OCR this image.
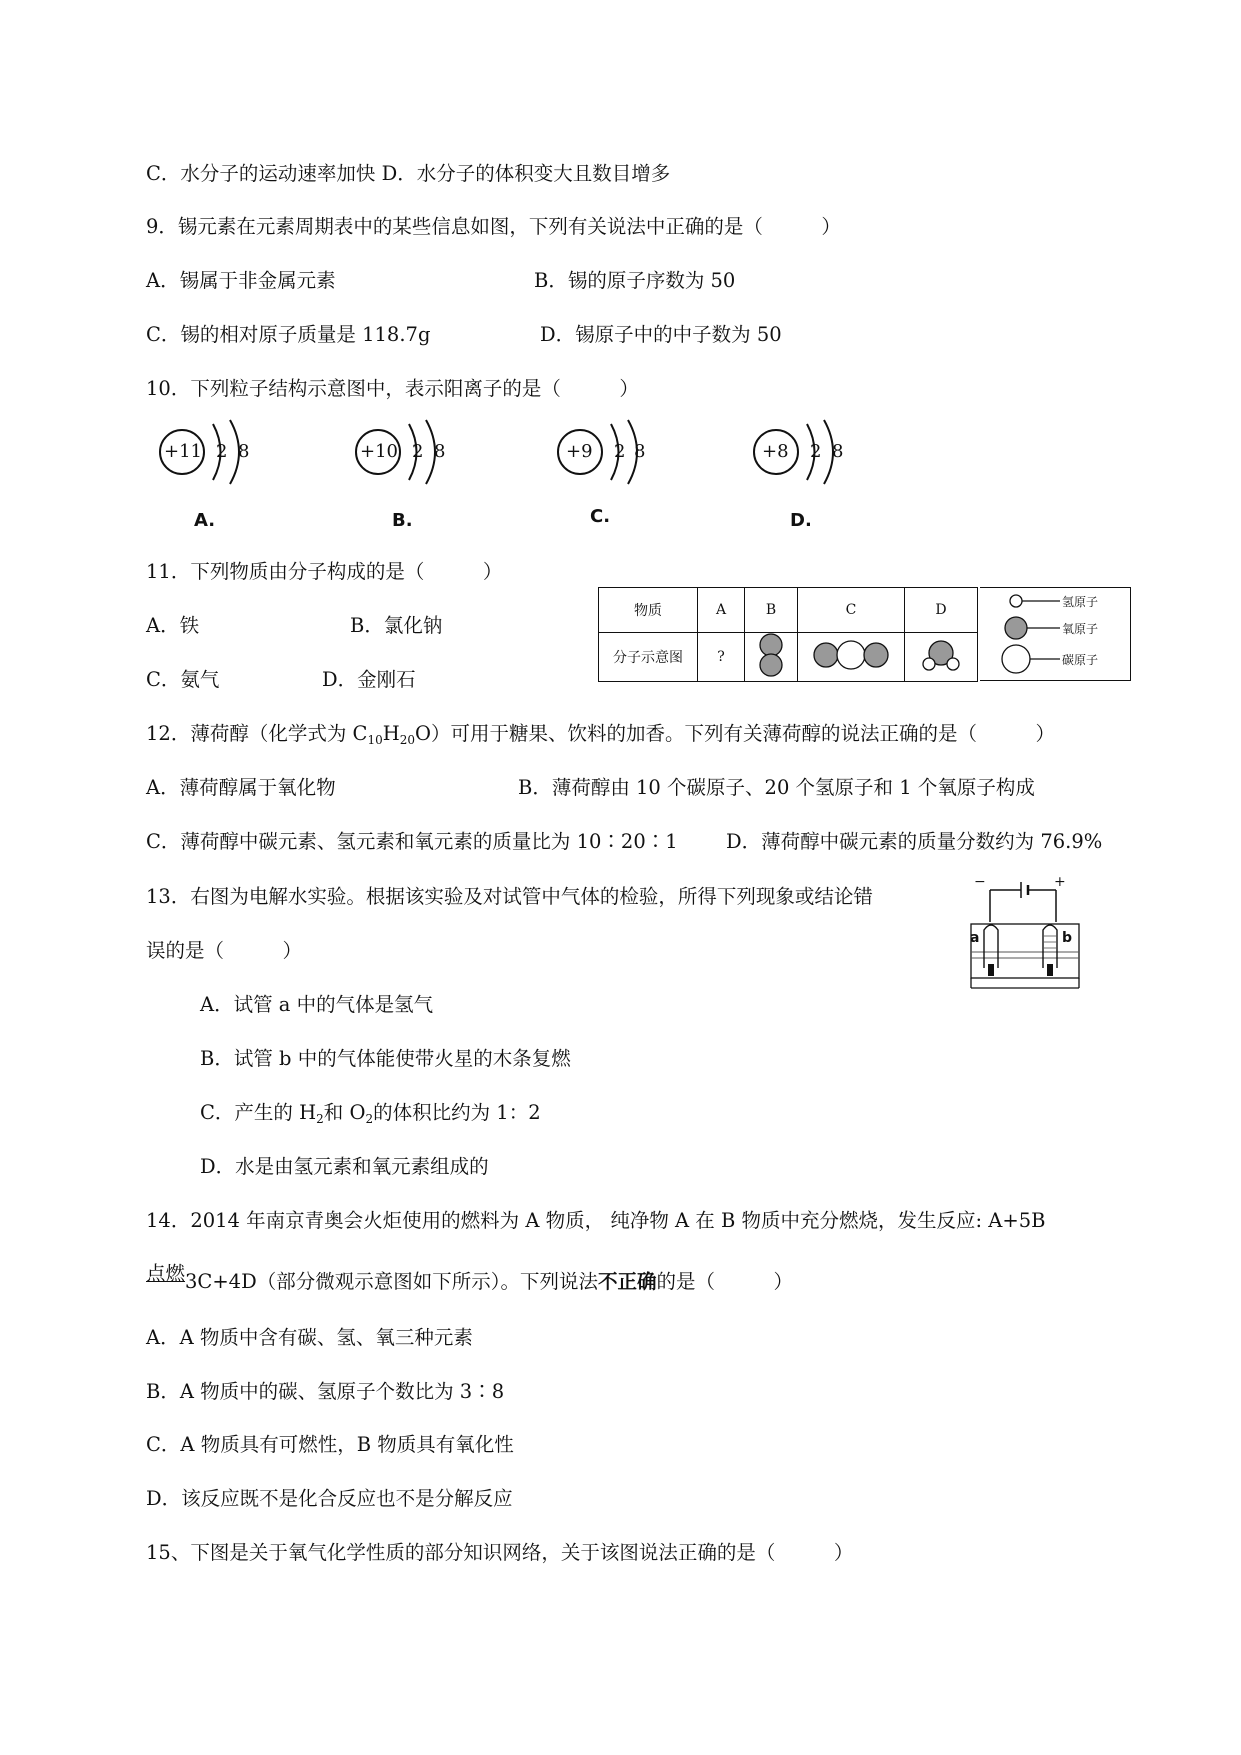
C．水分子的运动速率加快 D．水分子的体积变大且数目增多
9．锡元素在元素周期表中的某些信息如图，下列有关说法中正确的是（　　　）
A．锡属于非金属元素	B．锡的原子序数为 50
C．锡的相对原子质量是 118.7g	D．锡原子中的中子数为 50
10．下列粒子结构示意图中，表示阳离子的是（　　　）
+11 2 8
A.
+10 2 8
B.
+9 2 8
C.
+8 2 8
D.
11．下列物质由分子构成的是（　　　）
A．铁	B．氯化钠
C．氨气	D．金刚石
物质	A	B	C	D
分子示意图	?			
氢原子
氧原子
碳原子
12．薄荷醇（化学式为 $C_{10}H_{20}O$）可用于糖果、饮料的加香。下列有关薄荷醇的说法正确的是（　　　）
A．薄荷醇属于氧化物	B．薄荷醇由 10 个碳原子、20 个氢原子和 1 个氧原子构成
C．薄荷醇中碳元素、氢元素和氧元素的质量比为 10∶20∶1 D．薄荷醇中碳元素的质量分数约为 76.9%
13．右图为电解水实验。根据该实验及对试管中气体的检验，所得下列现象或结论错
误的是（　　　）
A．试管 a 中的气体是氢气
B．试管 b 中的气体能使带火星的木条复燃
C．产生的 $H_2$和 $O_2$的体积比约为 1：2
D．水是由氢元素和氧元素组成的
−	+
a	b
14．2014 年南京青奥会火炬使用的燃料为 A 物质， 纯净物 A 在 B 物质中充分燃烧，发生反应: A+5B
点燃3C+4D（部分微观示意图如下所示）。下列说法不正确的是（　　　）
A．A 物质中含有碳、氢、氧三种元素
B．A 物质中的碳、氢原子个数比为 3∶8
C．A 物质具有可燃性，B 物质具有氧化性
D．该反应既不是化合反应也不是分解反应
15、下图是关于氧气化学性质的部分知识网络，关于该图说法正确的是（　　　）
